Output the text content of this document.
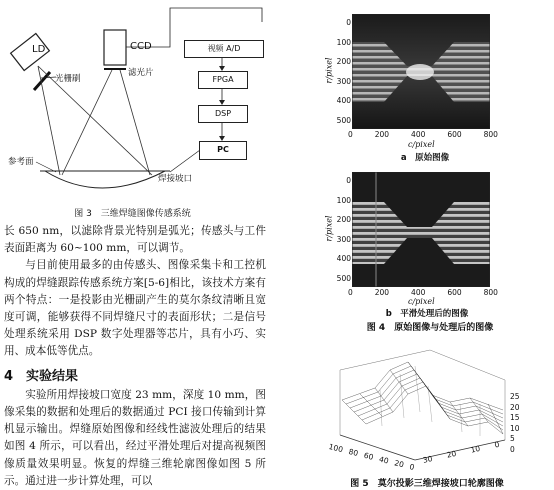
LD
光栅刷
CCD
滤光片
参考面
焊接坡口
视频 A/D
FPGA
DSP
PC
图 3　三维焊缝图像传感系统

长 650 nm，以滤除背景光特别是弧光；传感头与工件表面距离为 60~100 mm，可以调节。

与目前使用最多的由传感头、图像采集卡和工控机构成的焊缝跟踪传感系统方案[5-6]相比，该技术方案有两个特点：一是投影由光栅副产生的莫尔条纹清晰且宽度可调，能够获得不同焊缝尺寸的表面形状；二是信号处理系统采用 DSP 数字处理器等芯片，具有小巧、实用、成本低等优点。

4　实验结果

实验所用焊接坡口宽度 23 mm，深度 10 mm，图像采集的数据和处理后的数据通过 PCI 接口传输到计算机显示输出。焊缝原始图像和经线性滤波处理后的结果如图 4 所示，可以看出，经过平滑处理后对提高视频图像质量效果明显。恢复的焊缝三维轮廓图像如图 5 所示。通过进一步计算处理，可以

r/pixel
0
100
200
300
400
500
0	200	400	600	800
c/pixel
a　原始图像
r/pixel
0
100
200
300
400
500
0	200	400	600	800
c/pixel
b　平滑处理后的图像
图 4　原始图像与处理后的图像
25
20
15
10
5
0
100 80 60 40 20 0
30 20 10 0
图 5　莫尔投影三维焊接坡口轮廓图像
